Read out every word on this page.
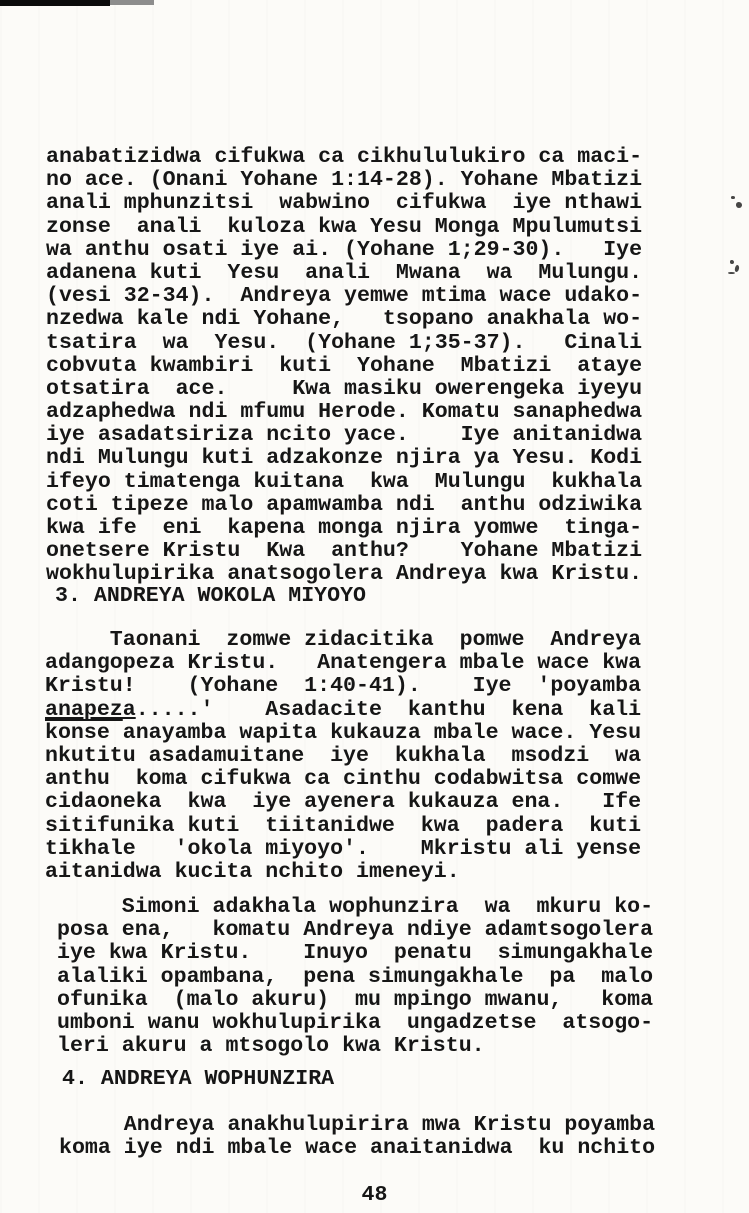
anabatizidwa cifukwa ca cikhululukiro ca maci-
no ace. (Onani Yohane 1:14-28). Yohane Mbatizi
anali mphunzitsi  wabwino  cifukwa  iye nthawi
zonse  anali  kuloza kwa Yesu Monga Mpulumutsi
wa anthu osati iye ai. (Yohane 1;29-30).   Iye
adanena kuti  Yesu  anali  Mwana  wa  Mulungu.
(vesi 32-34).  Andreya yemwe mtima wace udako-
nzedwa kale ndi Yohane,   tsopano anakhala wo-
tsatira  wa  Yesu.  (Yohane 1;35-37).   Cinali
cobvuta kwambiri  kuti  Yohane  Mbatizi  ataye
otsatira  ace.     Kwa masiku owerengeka iyeyu
adzaphedwa ndi mfumu Herode. Komatu sanaphedwa
iye asadatsiriza ncito yace.    Iye anitanidwa
ndi Mulungu kuti adzakonze njira ya Yesu. Kodi
ifeyo timatenga kuitana  kwa  Mulungu  kukhala
coti tipeze malo apamwamba ndi  anthu odziwika
kwa ife  eni  kapena monga njira yomwe  tinga-
onetsere Kristu  Kwa  anthu?    Yohane Mbatizi
wokhulupirika anatsogolera Andreya kwa Kristu.
3. ANDREYA WOKOLA MIYOYO
Taonani  zomwe zidacitika  pomwe  Andreya
adangopeza Kristu.   Anatengera mbale wace kwa
Kristu!    (Yohane  1:40-41).    Iye  'poyamba
anapeza.....'    Asadacite  kanthu  kena  kali
konse anayamba wapita kukauza mbale wace. Yesu
nkutitu asadamuitane  iye  kukhala  msodzi  wa
anthu  koma cifukwa ca cinthu codabwitsa comwe
cidaoneka  kwa  iye ayenera kukauza ena.   Ife
sitifunika kuti  tiitanidwe  kwa  padera  kuti
tikhale   'okola miyoyo'.    Mkristu ali yense
aitanidwa kucita nchito imeneyi.
Simoni adakhala wophunzira  wa  mkuru ko-
posa ena,   komatu Andreya ndiye adamtsogolera
iye kwa Kristu.    Inuyo  penatu  simungakhale
alaliki opambana,  pena simungakhale  pa  malo
ofunika  (malo akuru)  mu mpingo mwanu,   koma
umboni wanu wokhulupirika  ungadzetse  atsogo-
leri akuru a mtsogolo kwa Kristu.
4. ANDREYA WOPHUNZIRA
Andreya anakhulupirira mwa Kristu poyamba
koma iye ndi mbale wace anaitanidwa  ku nchito
48
